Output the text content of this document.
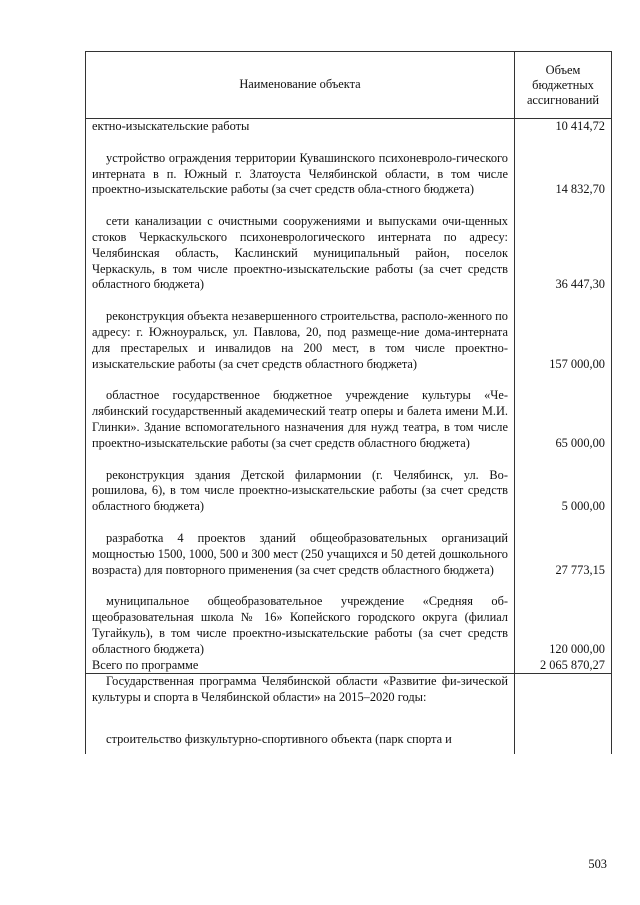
Наименование объекта	Объем бюджетных ассигнований
ектно-изыскательские работы	10 414,72

устройство ограждения территории Кувашинского психоневроло-гического интерната в п. Южный г. Златоуста Челябинской области, в том числе проектно-изыскательские работы (за счет средств обла-стного бюджета)	14 832,70

сети канализации с очистными сооружениями и выпусками очи-щенных стоков Черкаскульского психоневрологического интерната по адресу: Челябинская область, Каслинский муниципальный район, поселок Черкаскуль, в том числе проектно-изыскательские работы (за счет средств областного бюджета)	36 447,30

реконструкция объекта незавершенного строительства, располо-женного по адресу: г. Южноуральск, ул. Павлова, 20, под размеще-ние дома-интерната для престарелых и инвалидов на 200 мест, в том числе проектно-изыскательские работы (за счет средств областного бюджета)	157 000,00

областное государственное бюджетное учреждение культуры «Че-лябинский государственный академический театр оперы и балета имени М.И. Глинки». Здание вспомогательного назначения для нужд театра, в том числе проектно-изыскательские работы (за счет средств областного бюджета)	65 000,00

реконструкция здания Детской филармонии (г. Челябинск, ул. Во-рошилова, 6), в том числе проектно-изыскательские работы (за счет средств областного бюджета)	5 000,00

разработка 4 проектов зданий общеобразовательных организаций мощностью 1500, 1000, 500 и 300 мест (250 учащихся и 50 детей дошкольного возраста) для повторного применения (за счет средств областного бюджета)	27 773,15

муниципальное общеобразовательное учреждение «Средняя об-щеобразовательная школа № 16» Копейского городского округа (филиал Тугайкуль), в том числе проектно-изыскательские работы (за счет средств областного бюджета)	120 000,00
Всего по программе	2 065 870,27
Государственная программа Челябинской области «Развитие фи-зической культуры и спорта в Челябинской области» на 2015–2020 годы:	

строительство физкультурно-спортивного объекта (парк спорта и	
503
